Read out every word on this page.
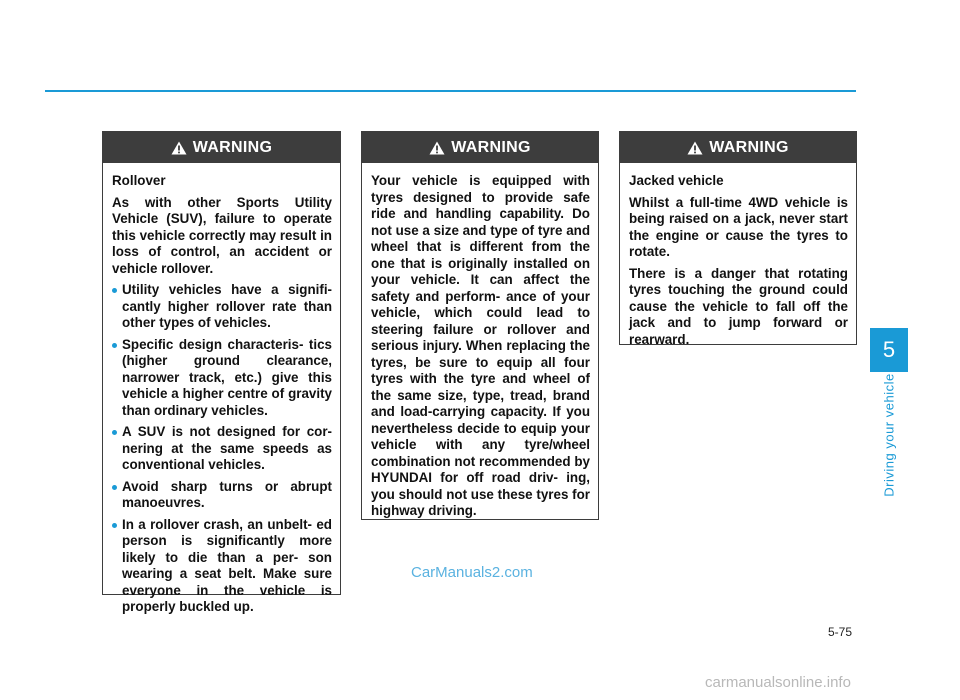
5
Driving your vehicle
WARNING

Rollover

As with other Sports Utility Vehicle (SUV), failure to operate this vehicle correctly may result in loss of control, an accident or vehicle rollover.

Utility vehicles have a signifi- cantly higher rollover rate than other types of vehicles.
Specific design characteris- tics (higher ground clearance, narrower track, etc.) give this vehicle a higher centre of gravity than ordinary vehicles.
A SUV is not designed for cor- nering at the same speeds as conventional vehicles.
Avoid sharp turns or abrupt manoeuvres.
In a rollover crash, an unbelt- ed person is significantly more likely to die than a per- son wearing a seat belt. Make sure everyone in the vehicle is properly buckled up.
WARNING

Your vehicle is equipped with tyres designed to provide safe ride and handling capability. Do not use a size and type of tyre and wheel that is different from the one that is originally installed on your vehicle. It can affect the safety and perform- ance of your vehicle, which could lead to steering failure or rollover and serious injury. When replacing the tyres, be sure to equip all four tyres with the tyre and wheel of the same size, type, tread, brand and load-carrying capacity. If you nevertheless decide to equip your vehicle with any tyre/wheel combination not recommended by HYUNDAI for off road driv- ing, you should not use these tyres for highway driving.

WARNING

Jacked vehicle

Whilst a full-time 4WD vehicle is being raised on a jack, never start the engine or cause the tyres to rotate.

There is a danger that rotating tyres touching the ground could cause the vehicle to fall off the jack and to jump forward or rearward.

CarManuals2.com
5-75
carmanualsonline.info
